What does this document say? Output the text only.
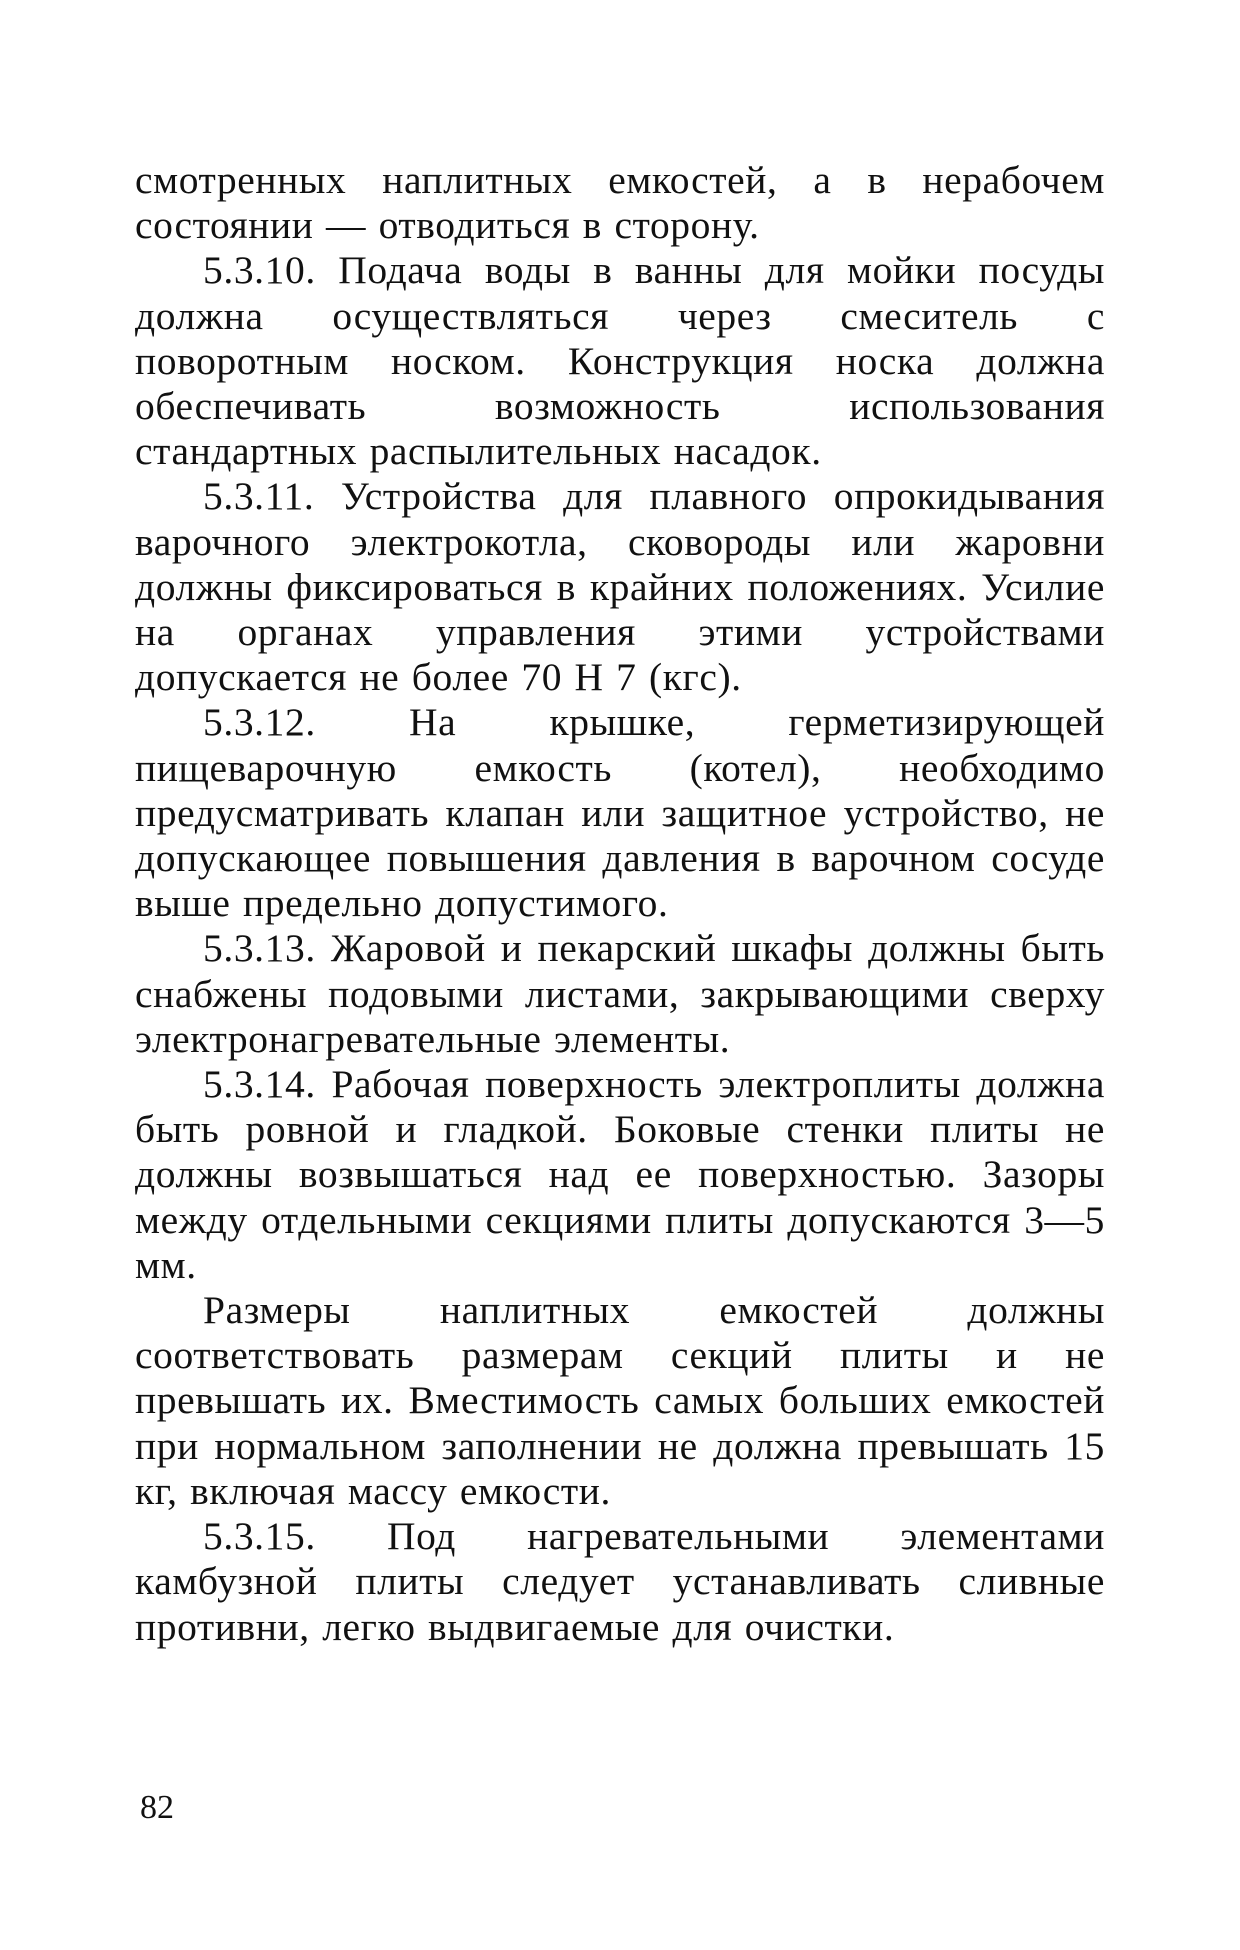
смотренных наплитных емкостей, а в нерабочем состоянии — отводиться в сторону.

5.3.10. Подача воды в ванны для мойки посуды должна осуществляться через смеситель с поворотным носком. Конструкция носка должна обеспечивать возможность использования стандартных распылительных насадок.

5.3.11. Устройства для плавного опрокидывания варочного электрокотла, сковороды или жаровни должны фиксироваться в крайних положениях. Усилие на органах управления этими устройствами допускается не более 70 Н 7 (кгс).

5.3.12. На крышке, герметизирующей пищеварочную емкость (котел), необходимо предусматривать клапан или защитное устройство, не допускающее повышения давления в варочном сосуде выше предельно допустимого.

5.3.13. Жаровой и пекарский шкафы должны быть снабжены подовыми листами, закрывающими сверху электронагревательные элементы.

5.3.14. Рабочая поверхность электроплиты должна быть ровной и гладкой. Боковые стенки плиты не должны возвышаться над ее поверхностью. Зазоры между отдельными секциями плиты допускаются 3—5 мм.

Размеры наплитных емкостей должны соответствовать размерам секций плиты и не превышать их. Вместимость самых больших емкостей при нормальном заполнении не должна превышать 15 кг, включая массу емкости.

5.3.15. Под нагревательными элементами камбузной плиты следует устанавливать сливные противни, легко выдвигаемые для очистки.

82
